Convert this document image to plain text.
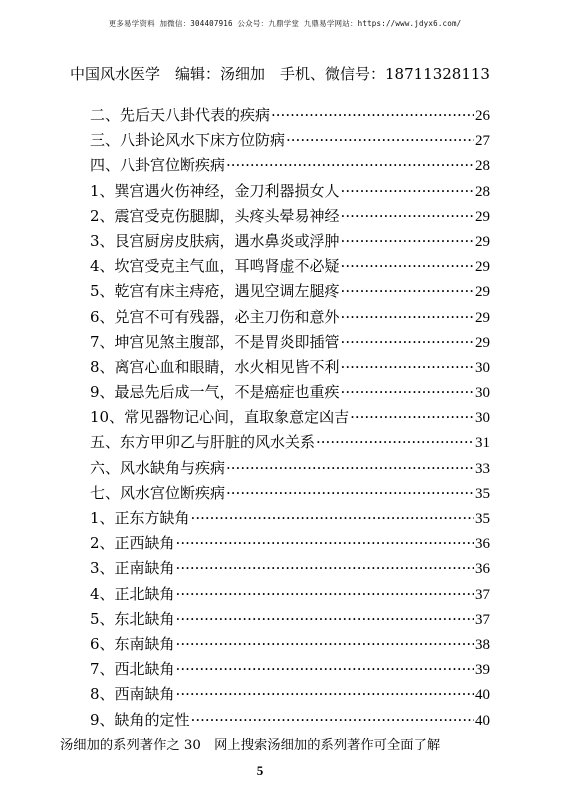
更多易学资料 加微信：304407916 公众号：九鼎学堂 九鼎易学网站：https://www.jdyx6.com/
中国风水医学　编辑：汤细加　手机、微信号：18711328113
二、先后天八卦代表的疾病 ·····	26
三、八卦论风水下床方位防病 ·····	27
四、八卦宫位断疾病 ·····	28
1、巽宫遇火伤神经，金刀利器损女人 ·····	28
2、震宫受克伤腿脚，头疼头晕易神经 ·····	29
3、艮宫厨房皮肤病，遇水鼻炎或浮肿 ·····	29
4、坎宫受克主气血，耳鸣肾虚不必疑 ·····	29
5、乾宫有床主痔疮，遇见空调左腿疼 ·····	29
6、兑宫不可有残器，必主刀伤和意外 ·····	29
7、坤宫见煞主腹部，不是胃炎即插管 ·····	29
8、离宫心血和眼睛，水火相见皆不利 ·····	30
9、最忌先后成一气，不是癌症也重疾 ·····	30
10、常见器物记心间，直取象意定凶吉 ·····	30
五、东方甲卯乙与肝脏的风水关系 ·····	31
六、风水缺角与疾病 ·····	33
七、风水宫位断疾病 ·····	35
1、正东方缺角 ·····	35
2、正西缺角 ·····	36
3、正南缺角 ·····	36
4、正北缺角 ·····	37
5、东北缺角 ·····	37
6、东南缺角 ·····	38
7、西北缺角 ·····	39
8、西南缺角 ·····	40
9、缺角的定性 ·····	40
汤细加的系列著作之 30　网上搜索汤细加的系列著作可全面了解
5
